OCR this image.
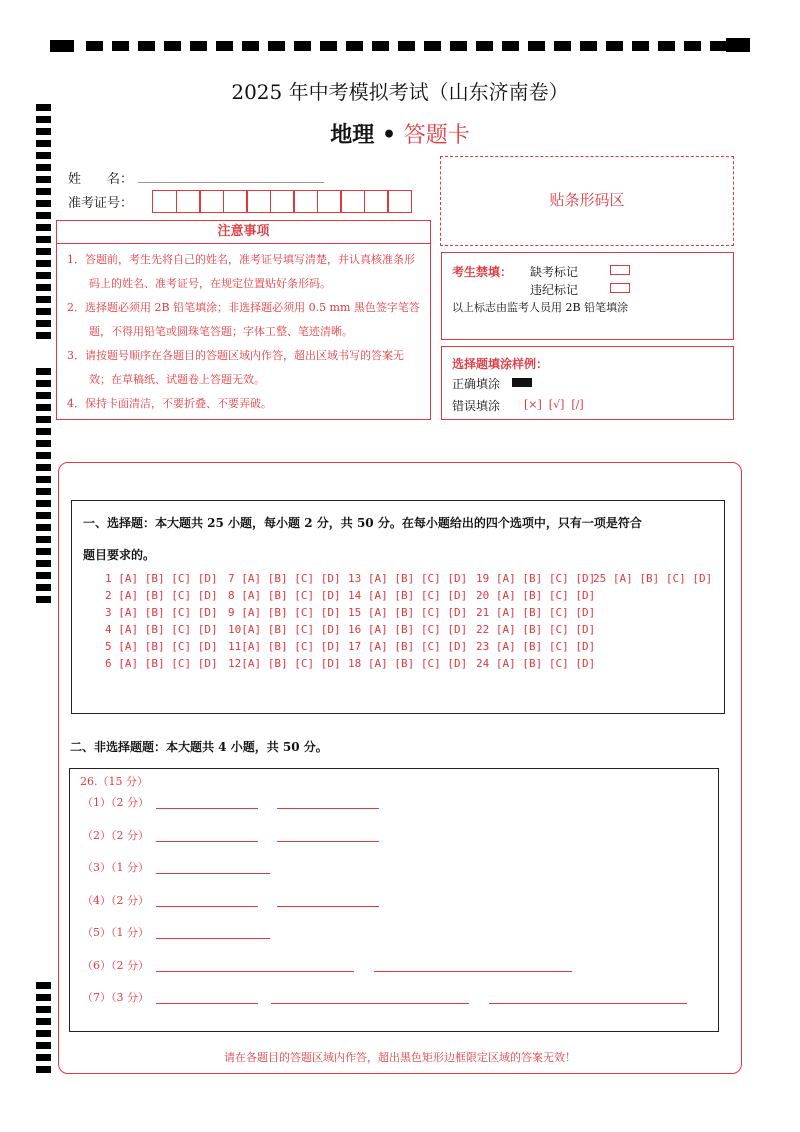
2025 年中考模拟考试（山东济南卷）
地理 • 答题卡
姓　　名：
准考证号：	贴条形码区
注意事项
1．答题前，考生先将自己的姓名，准考证号填写清楚，并认真核准条形码上的姓名、准考证号，在规定位置贴好条形码。
2．选择题必须用 2B 铅笔填涂；非选择题必须用 0.5 mm 黑色签字笔答题，不得用铅笔或圆珠笔答题；字体工整、笔迹清晰。
3．请按题号顺序在各题目的答题区域内作答，超出区域书写的答案无效；在草稿纸、试题卷上答题无效。
4．保持卡面清洁，不要折叠、不要弄破。
考生禁填： 缺考标记
违纪标记
以上标志由监考人员用 2B 铅笔填涂
选择题填涂样例：
正确填涂
错误填涂 [×]  [√]  [/]
一、选择题：本大题共 25 小题，每小题 2 分，共 50 分。在每小题给出的四个选项中，只有一项是符合
题目要求的。
1 [A] [B] [C] [D]
2 [A] [B] [C] [D]
3 [A] [B] [C] [D]
4 [A] [B] [C] [D]
5 [A] [B] [C] [D]
6 [A] [B] [C] [D]
7 [A] [B] [C] [D]
8 [A] [B] [C] [D]
9 [A] [B] [C] [D]
10[A] [B] [C] [D]
11[A] [B] [C] [D]
12[A] [B] [C] [D]
13 [A] [B] [C] [D]
14 [A] [B] [C] [D]
15 [A] [B] [C] [D]
16 [A] [B] [C] [D]
17 [A] [B] [C] [D]
18 [A] [B] [C] [D]
19 [A] [B] [C] [D]
20 [A] [B] [C] [D]
21 [A] [B] [C] [D]
22 [A] [B] [C] [D]
23 [A] [B] [C] [D]
24 [A] [B] [C] [D]
25 [A] [B] [C] [D]
二、非选择题题：本大题共 4 小题，共 50 分。
26.（15 分）
（1）（2 分）
（2）（2 分）
（3）（1 分）
（4）（2 分）
（5）（1 分）
（6）（2 分）
（7）（3 分）
请在各题目的答题区域内作答，超出黑色矩形边框限定区域的答案无效！
